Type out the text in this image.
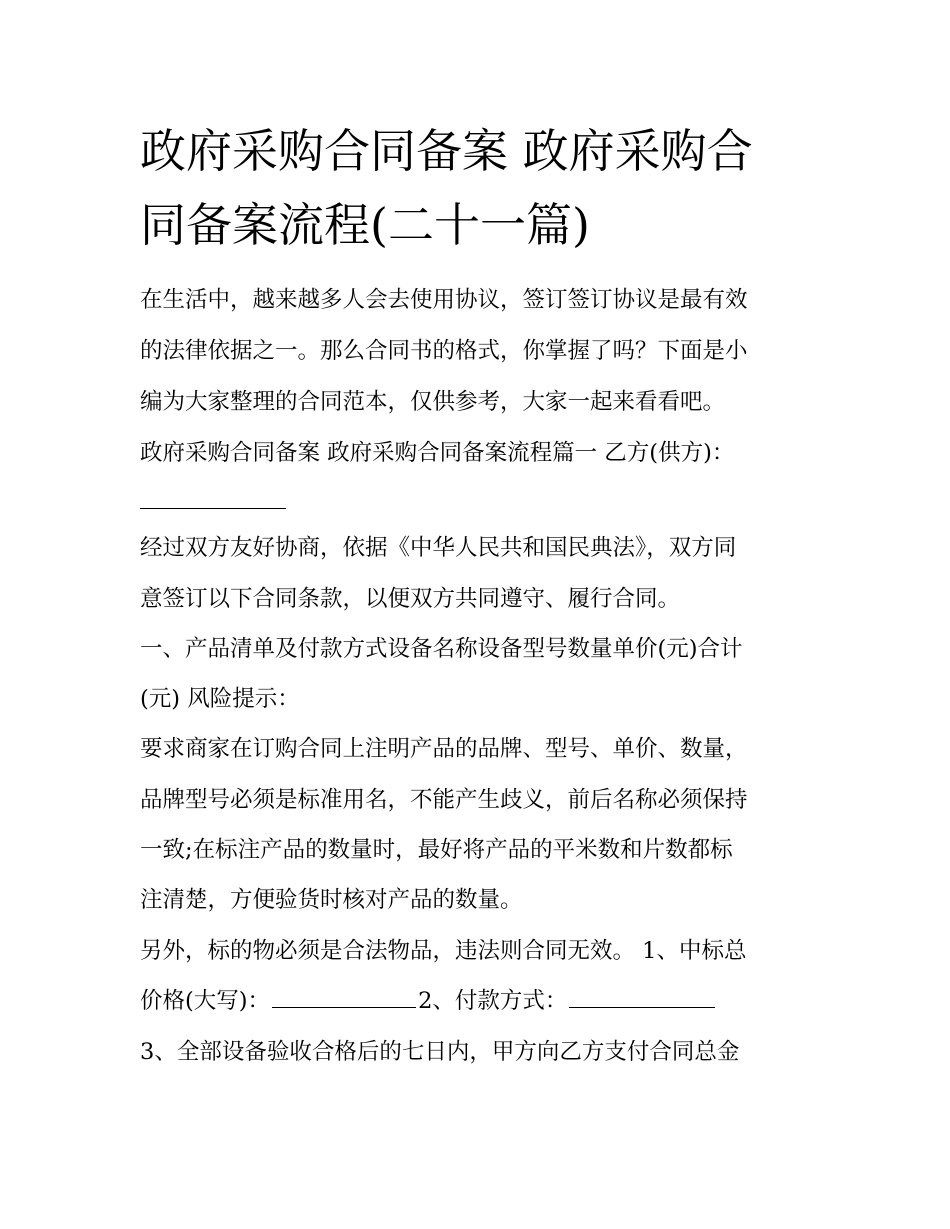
政府采购合同备案 政府采购合
同备案流程(二十一篇)

在生活中，越来越多人会去使用协议，签订签订协议是最有效

的法律依据之一。那么合同书的格式，你掌握了吗？下面是小

编为大家整理的合同范本，仅供参考，大家一起来看看吧。

政府采购合同备案 政府采购合同备案流程篇一 乙方(供方)：

经过双方友好协商，依据《中华人民共和国民典法》，双方同

意签订以下合同条款，以便双方共同遵守、履行合同。

一、产品清单及付款方式设备名称设备型号数量单价(元)合计

(元) 风险提示：

要求商家在订购合同上注明产品的品牌、型号、单价、数量，

品牌型号必须是标准用名，不能产生歧义，前后名称必须保持

一致;在标注产品的数量时，最好将产品的平米数和片数都标

注清楚，方便验货时核对产品的数量。

另外，标的物必须是合法物品，违法则合同无效。 1、中标总

价格(大写)：	2、付款方式：

3、全部设备验收合格后的七日内，甲方向乙方支付合同总金
